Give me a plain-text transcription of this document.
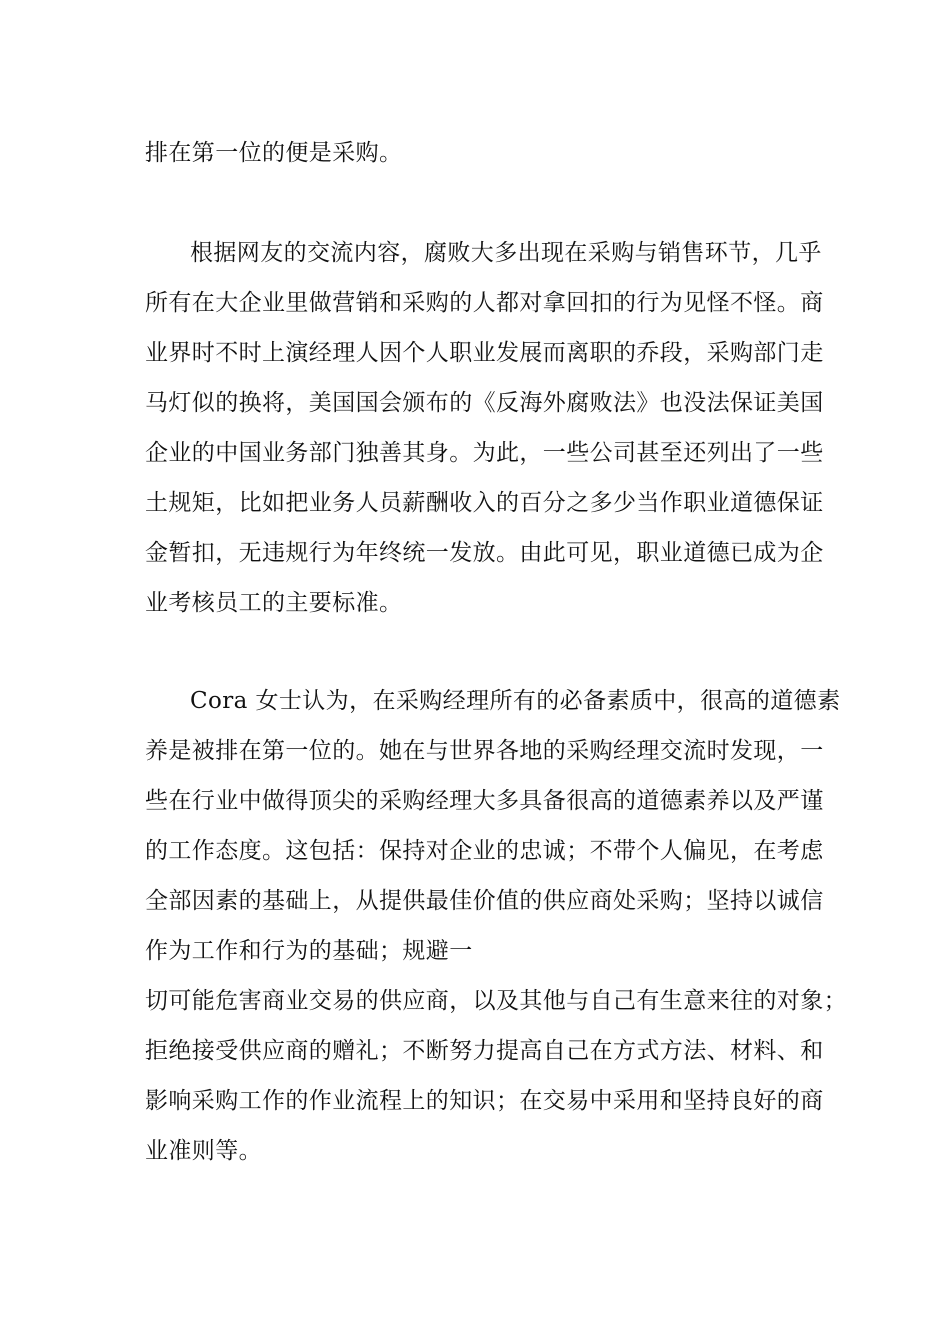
排在第一位的便是采购。

根据网友的交流内容，腐败大多出现在采购与销售环节，几乎

所有在大企业里做营销和采购的人都对拿回扣的行为见怪不怪。商

业界时不时上演经理人因个人职业发展而离职的乔段，采购部门走

马灯似的换将，美国国会颁布的《反海外腐败法》也没法保证美国

企业的中国业务部门独善其身。为此，一些公司甚至还列出了一些

土规矩，比如把业务人员薪酬收入的百分之多少当作职业道德保证

金暂扣，无违规行为年终统一发放。由此可见，职业道德已成为企

业考核员工的主要标准。

Cora 女士认为，在采购经理所有的必备素质中，很高的道德素

养是被排在第一位的。她在与世界各地的采购经理交流时发现，一

些在行业中做得顶尖的采购经理大多具备很高的道德素养以及严谨

的工作态度。这包括：保持对企业的忠诚；不带个人偏见，在考虑

全部因素的基础上，从提供最佳价值的供应商处采购；坚持以诚信

作为工作和行为的基础；规避一

切可能危害商业交易的供应商，以及其他与自己有生意来往的对象；

拒绝接受供应商的赠礼；不断努力提高自己在方式方法、材料、和

影响采购工作的作业流程上的知识；在交易中采用和坚持良好的商

业准则等。
